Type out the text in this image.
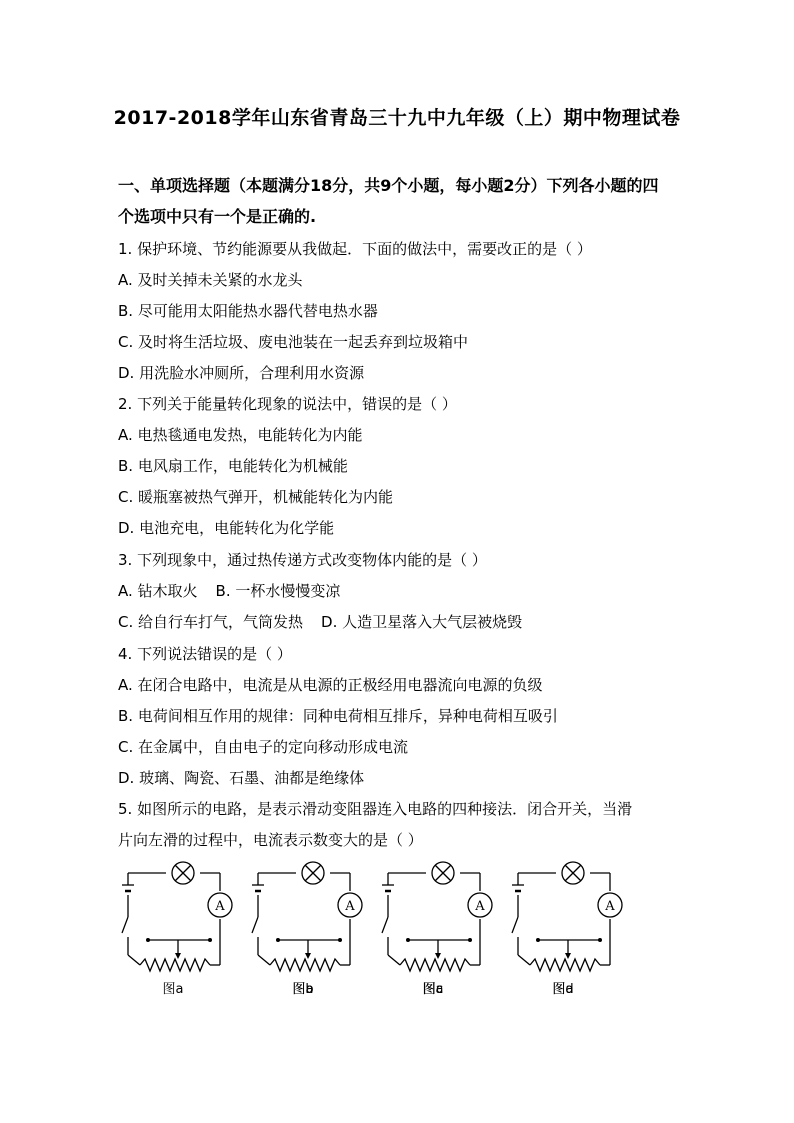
2017-2018学年山东省青岛三十九中九年级（上）期中物理试卷
一、单项选择题（本题满分18分，共9个小题，每小题2分）下列各小题的四
个选项中只有一个是正确的.
1. 保护环境、节约能源要从我做起．下面的做法中，需要改正的是（ ）
A. 及时关掉未关紧的水龙头
B. 尽可能用太阳能热水器代替电热水器
C. 及时将生活垃圾、废电池装在一起丢弃到垃圾箱中
D. 用洗脸水冲厕所，合理利用水资源
2. 下列关于能量转化现象的说法中，错误的是（ ）
A. 电热毯通电发热，电能转化为内能
B. 电风扇工作，电能转化为机械能
C. 暖瓶塞被热气弹开，机械能转化为内能
D. 电池充电，电能转化为化学能
3. 下列现象中，通过热传递方式改变物体内能的是（ ）
A. 钻木取火 B. 一杯水慢慢变凉
C. 给自行车打气，气筒发热 D. 人造卫星落入大气层被烧毁
4. 下列说法错误的是（ ）
A. 在闭合电路中，电流是从电源的正极经用电器流向电源的负级
B. 电荷间相互作用的规律：同种电荷相互排斥，异种电荷相互吸引
C. 在金属中，自由电子的定向移动形成电流
D. 玻璃、陶瓷、石墨、油都是绝缘体
5. 如图所示的电路，是表示滑动变阻器连入电路的四种接法．闭合开关，当滑
片向左滑的过程中，电流表示数变大的是（ ）
A
图a	图b	图c	图d
